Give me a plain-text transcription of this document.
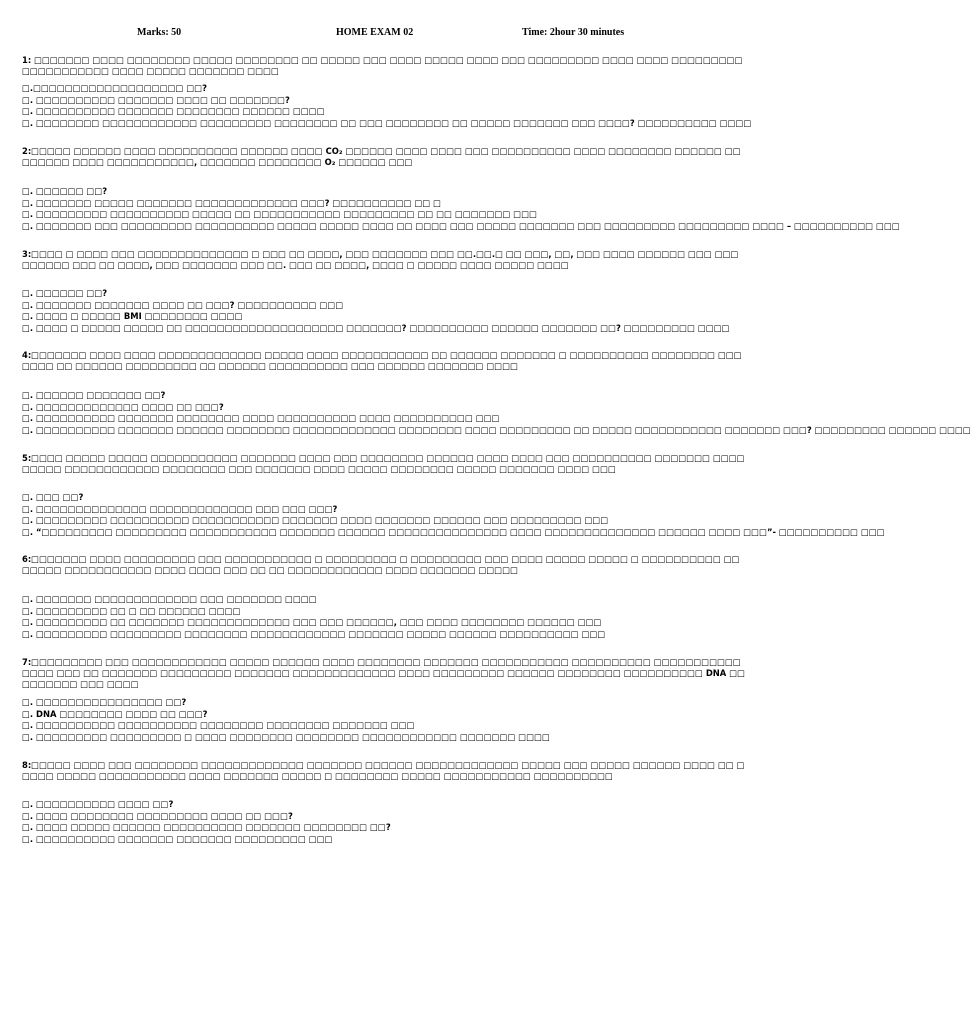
Marks: 50	HOME EXAM 02	Time: 2hour 30 minutes
1: □□□□□□□ □□□□ □□□□□□□□ □□□□□ □□□□□□□□ □□ □□□□□ □□□ □□□□ □□□□□ □□□□ □□□ □□□□□□□□□ □□□□ □□□□ □□□□□□□□□□□□□□□□□□□□ □□□□ □□□□□ □□□□□□□ □□□□
□.□□□□□□□□□□□□□□□□□□□ □□?
□. □□□□□□□□□□ □□□□□□□ □□□□ □□ □□□□□□□?
□. □□□□□□□□□□ □□□□□□□ □□□□□□□□ □□□□□□ □□□□
□. □□□□□□□□ □□□□□□□□□□□□ □□□□□□□□□ □□□□□□□□ □□ □□□ □□□□□□□□ □□ □□□□□ □□□□□□□ □□□ □□□□? □□□□□□□□□□ □□□□
2:□□□□□ □□□□□□ □□□□ □□□□□□□□□□ □□□□□□ □□□□ CO₂ □□□□□□ □□□□ □□□□ □□□ □□□□□□□□□□ □□□□ □□□□□□□□ □□□□□□ □□□□□□□□ □□□□ □□□□□□□□□□□, □□□□□□□ □□□□□□□□ O₂ □□□□□□ □□□
□. □□□□□□ □□?
□. □□□□□□□ □□□□□ □□□□□□□ □□□□□□□□□□□□□ □□□? □□□□□□□□□□ □□ □
□. □□□□□□□□□ □□□□□□□□□□ □□□□□ □□ □□□□□□□□□□□ □□□□□□□□□ □□ □□ □□□□□□□ □□□
□. □□□□□□□ □□□ □□□□□□□□□ □□□□□□□□□□ □□□□□ □□□□□ □□□□ □□ □□□□ □□□ □□□□□ □□□□□□□ □□□ □□□□□□□□□ □□□□□□□□□ □□□□ – □□□□□□□□□□ □□□
3:□□□□ □ □□□□ □□□ □□□□□□□□□□□□□□ □ □□□ □□ □□□□, □□□ □□□□□□□ □□□ □□.□□.□ □□ □□□, □□, □□□ □□□□ □□□□□□ □□□ □□□ □□□□□□ □□□ □□ □□□□, □□□ □□□□□□□ □□□ □□. □□□ □□ □□□□, □□□□ □ □□□□□ □□□□ □□□□□ □□□□
□. □□□□□□ □□?
□. □□□□□□□ □□□□□□□ □□□□ □□ □□□? □□□□□□□□□□ □□□
□. □□□□ □ □□□□□ BMI □□□□□□□□ □□□□
□. □□□□ □ □□□□□ □□□□□ □□ □□□□□□□□□□□□□□□□□□□□ □□□□□□□? □□□□□□□□□□ □□□□□□ □□□□□□□ □□? □□□□□□□□□ □□□□
4:□□□□□□□ □□□□ □□□□ □□□□□□□□□□□□□ □□□□□ □□□□ □□□□□□□□□□□ □□ □□□□□□ □□□□□□□ □ □□□□□□□□□□ □□□□□□□□ □□□ □□□□ □□ □□□□□□ □□□□□□□□□ □□ □□□□□□ □□□□□□□□□□ □□□ □□□□□□ □□□□□□□ □□□□
□. □□□□□□ □□□□□□□ □□?
□. □□□□□□□□□□□□□ □□□□ □□ □□□?
□. □□□□□□□□□□ □□□□□□□ □□□□□□□□ □□□□ □□□□□□□□□□ □□□□ □□□□□□□□□□ □□□
□. □□□□□□□□□□ □□□□□□□ □□□□□□ □□□□□□□□ □□□□□□□□□□□□□ □□□□□□□□ □□□□ □□□□□□□□□ □□ □□□□□ □□□□□□□□□□□ □□□□□□□ □□□? □□□□□□□□□ □□□□□□ □□□□
5:□□□□ □□□□□ □□□□□ □□□□□□□□□□□ □□□□□□□ □□□□ □□□ □□□□□□□□ □□□□□□ □□□□ □□□□ □□□ □□□□□□□□□□ □□□□□□□ □□□□□□□□□ □□□□□□□□□□□□ □□□□□□□□ □□□ □□□□□□□ □□□□ □□□□□ □□□□□□□□ □□□□□ □□□□□□□ □□□□ □□□
□. □□□ □□?
□. □□□□□□□□□□□□□□ □□□□□□□□□□□□□ □□□ □□□ □□□?
□. □□□□□□□□□ □□□□□□□□□□ □□□□□□□□□□□ □□□□□□□ □□□□ □□□□□□□ □□□□□□ □□□ □□□□□□□□□ □□□
□. “□□□□□□□□□ □□□□□□□□□ □□□□□□□□□□□ □□□□□□□ □□□□□□ □□□□□□□□□□□□□□□ □□□□ □□□□□□□□□□□□□□ □□□□□□ □□□□ □□□”- □□□□□□□□□□ □□□
6:□□□□□□□ □□□□ □□□□□□□□□ □□□ □□□□□□□□□□□ □ □□□□□□□□□ □ □□□□□□□□□ □□□ □□□□ □□□□□ □□□□□ □ □□□□□□□□□□ □□□□□□□ □□□□□□□□□□□ □□□□ □□□□ □□□ □□ □□ □□□□□□□□□□□□ □□□□ □□□□□□□ □□□□□
□. □□□□□□□ □□□□□□□□□□□□□ □□□ □□□□□□□ □□□□
□. □□□□□□□□□ □□ □ □□ □□□□□□ □□□□
□. □□□□□□□□□ □□ □□□□□□□ □□□□□□□□□□□□□ □□□ □□□ □□□□□□, □□□ □□□□ □□□□□□□□ □□□□□□ □□□
□. □□□□□□□□□ □□□□□□□□□ □□□□□□□□ □□□□□□□□□□□□ □□□□□□□ □□□□□ □□□□□□ □□□□□□□□□□ □□□
7:□□□□□□□□□ □□□ □□□□□□□□□□□□ □□□□□ □□□□□□ □□□□ □□□□□□□□ □□□□□□□ □□□□□□□□□□□ □□□□□□□□□□ □□□□□□□□□□□ □□□□ □□□ □□ □□□□□□□ □□□□□□□□□ □□□□□□□ □□□□□□□□□□□□□ □□□□ □□□□□□□□□ □□□□□□ □□□□□□□□ □□□□□□□□□□ DNA □□□□□□□□□ □□□ □□□□
□. □□□□□□□□□□□□□□□□ □□?
□. DNA □□□□□□□□ □□□□ □□ □□□?
□. □□□□□□□□□□ □□□□□□□□□□ □□□□□□□□ □□□□□□□□ □□□□□□□ □□□
□. □□□□□□□□□ □□□□□□□□□ □ □□□□ □□□□□□□□ □□□□□□□□ □□□□□□□□□□□□ □□□□□□□ □□□□
8:□□□□□ □□□□ □□□ □□□□□□□□ □□□□□□□□□□□□□ □□□□□□□ □□□□□□ □□□□□□□□□□□□□ □□□□□ □□□ □□□□□ □□□□□□ □□□□ □□ □□□□□ □□□□□ □□□□□□□□□□□ □□□□ □□□□□□□ □□□□□ □ □□□□□□□□ □□□□□ □□□□□□□□□□□ □□□□□□□□□□
□. □□□□□□□□□□ □□□□ □□?
□. □□□□ □□□□□□□□ □□□□□□□□□ □□□□ □□ □□□?
□. □□□□ □□□□□ □□□□□□ □□□□□□□□□□ □□□□□□□ □□□□□□□□ □□?
□. □□□□□□□□□□ □□□□□□□ □□□□□□□ □□□□□□□□□ □□□
